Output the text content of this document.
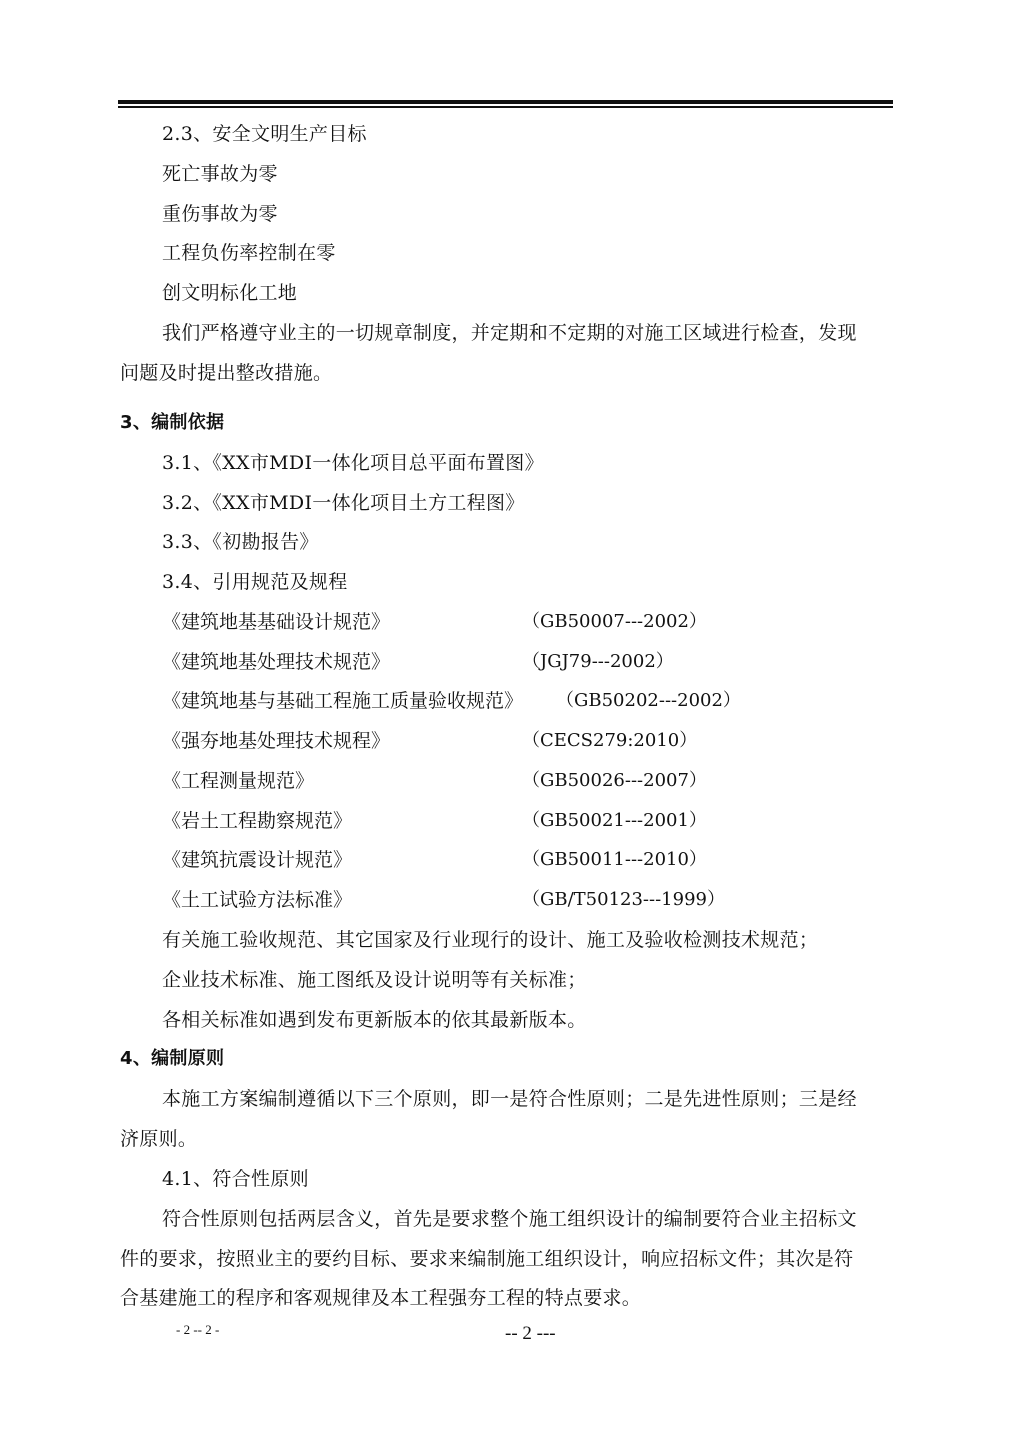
2.3、安全文明生产目标
死亡事故为零
重伤事故为零
工程负伤率控制在零
创文明标化工地
我们严格遵守业主的一切规章制度，并定期和不定期的对施工区域进行检查，发现
问题及时提出整改措施。
3、编制依据
3.1、《XX市MDI一体化项目总平面布置图》
3.2、《XX市MDI一体化项目土方工程图》
3.3、《初勘报告》
3.4、引用规范及规程
《建筑地基基础设计规范》	（GB50007---2002）
《建筑地基处理技术规范》	（JGJ79---2002）
《建筑地基与基础工程施工质量验收规范》 （GB50202---2002）
《强夯地基处理技术规程》	（CECS279:2010）
《工程测量规范》	（GB50026---2007）
《岩土工程勘察规范》	（GB50021---2001）
《建筑抗震设计规范》	（GB50011---2010）
《土工试验方法标准》	（GB/T50123---1999）
有关施工验收规范、其它国家及行业现行的设计、施工及验收检测技术规范；
企业技术标准、施工图纸及设计说明等有关标准；
各相关标准如遇到发布更新版本的依其最新版本。
4、编制原则
本施工方案编制遵循以下三个原则，即一是符合性原则；二是先进性原则；三是经
济原则。
4.1、符合性原则
符合性原则包括两层含义，首先是要求整个施工组织设计的编制要符合业主招标文
件的要求，按照业主的要约目标、要求来编制施工组织设计，响应招标文件；其次是符
合基建施工的程序和客观规律及本工程强夯工程的特点要求。
- 2 -- 2 -	-- 2 ---
